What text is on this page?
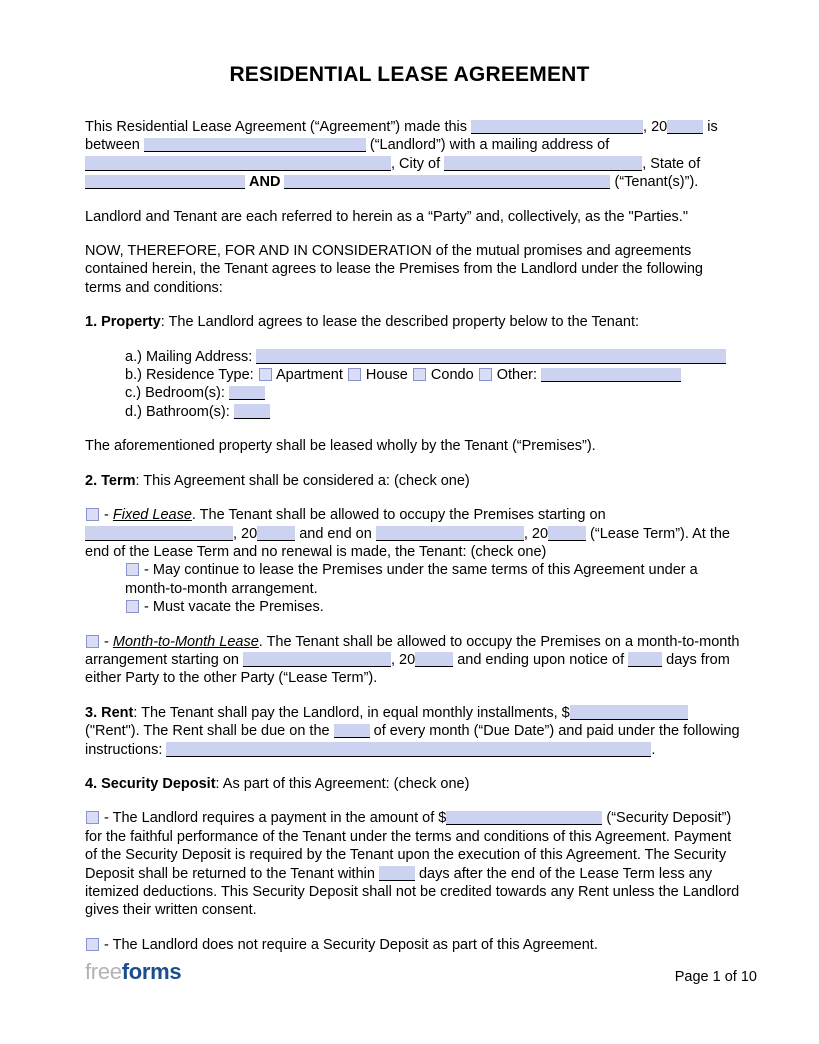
RESIDENTIAL LEASE AGREEMENT
This Residential Lease Agreement (“Agreement”) made this	, 20 is between	(“Landlord”) with a mailing address of , City of	, State of  AND	(“Tenant(s)”).
Landlord and Tenant are each referred to herein as a “Party” and, collectively, as the "Parties."
NOW, THEREFORE, FOR AND IN CONSIDERATION of the mutual promises and agreements contained herein, the Tenant agrees to lease the Premises from the Landlord under the following terms and conditions:
1. Property: The Landlord agrees to lease the described property below to the Tenant:
a.) Mailing Address:
b.) Residence Type:  Apartment  House  Condo  Other:
c.) Bedroom(s):
d.) Bathroom(s):
The aforementioned property shall be leased wholly by the Tenant (“Premises”).
2. Term: This Agreement shall be considered a: (check one)
- Fixed Lease. The Tenant shall be allowed to occupy the Premises starting on , 20	and end on	, 20	(“Lease Term”). At the end of the Lease Term and no renewal is made, the Tenant: (check one)
- May continue to lease the Premises under the same terms of this Agreement under a month-to-month arrangement.
- Must vacate the Premises.
- Month-to-Month Lease. The Tenant shall be allowed to occupy the Premises on a month-to-month arrangement starting on	, 20	and ending upon notice of  days from either Party to the other Party (“Lease Term”).
3. Rent: The Tenant shall pay the Landlord, in equal monthly installments, $	("Rent"). The Rent shall be due on the  of every month (“Due Date”) and paid under the following instructions:	.
4. Security Deposit: As part of this Agreement: (check one)
- The Landlord requires a payment in the amount of $	(“Security Deposit”) for the faithful performance of the Tenant under the terms and conditions of this Agreement. Payment of the Security Deposit is required by the Tenant upon the execution of this Agreement. The Security Deposit shall be returned to the Tenant within  days after the end of the Lease Term less any itemized deductions. This Security Deposit shall not be credited towards any Rent unless the Landlord gives their written consent.
- The Landlord does not require a Security Deposit as part of this Agreement.
freeforms	Page 1 of 10
